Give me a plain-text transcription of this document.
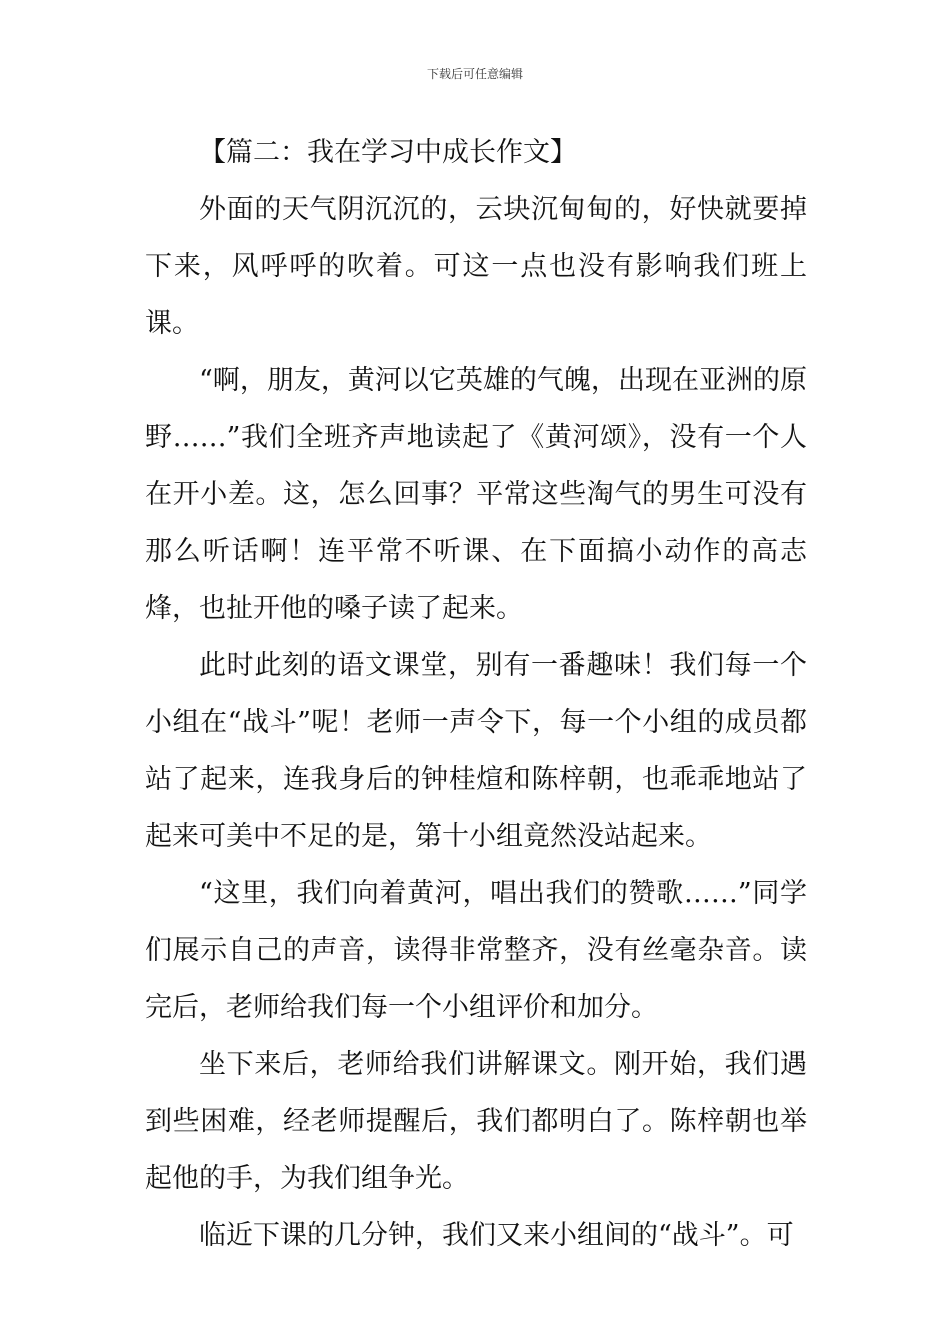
下载后可任意编辑

【篇二：我在学习中成长作文】

外面的天气阴沉沉的，云块沉甸甸的，好快就要掉下来，风呼呼的吹着。可这一点也没有影响我们班上课。

“啊，朋友，黄河以它英雄的气魄，出现在亚洲的原野……”我们全班齐声地读起了《黄河颂》，没有一个人在开小差。这，怎么回事？平常这些淘气的男生可没有那么听话啊！连平常不听课、在下面搞小动作的高志烽，也扯开他的嗓子读了起来。

此时此刻的语文课堂，别有一番趣味！我们每一个小组在“战斗”呢！老师一声令下，每一个小组的成员都站了起来，连我身后的钟桂煊和陈梓朝，也乖乖地站了起来可美中不足的是，第十小组竟然没站起来。

“这里，我们向着黄河，唱出我们的赞歌……”同学们展示自己的声音，读得非常整齐，没有丝毫杂音。读完后，老师给我们每一个小组评价和加分。

坐下来后，老师给我们讲解课文。刚开始，我们遇到些困难，经老师提醒后，我们都明白了。陈梓朝也举起他的手，为我们组争光。

临近下课的几分钟，我们又来小组间的“战斗”。可
